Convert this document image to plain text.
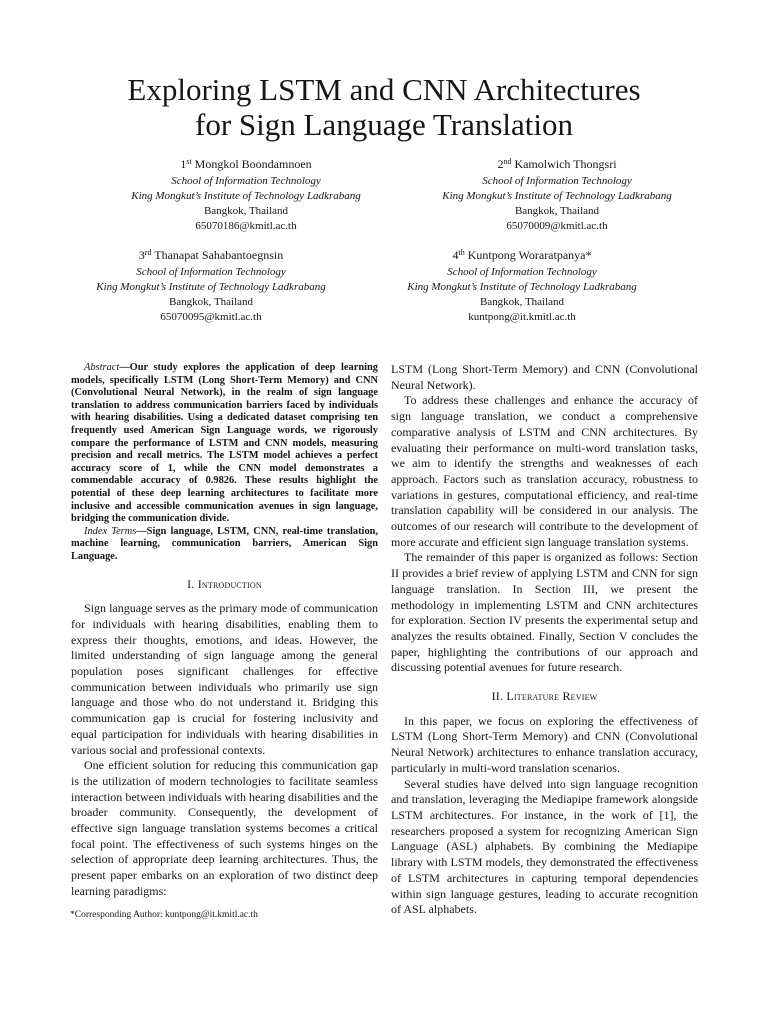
Exploring LSTM and CNN Architectures
for Sign Language Translation
1st Mongkol Boondamnoen
School of Information Technology
King Mongkut’s Institute of Technology Ladkrabang
Bangkok, Thailand
65070186@kmitl.ac.th
2nd Kamolwich Thongsri
School of Information Technology
King Mongkut’s Institute of Technology Ladkrabang
Bangkok, Thailand
65070009@kmitl.ac.th
3rd Thanapat Sahabantoegnsin
School of Information Technology
King Mongkut’s Institute of Technology Ladkrabang
Bangkok, Thailand
65070095@kmitl.ac.th
4th Kuntpong Woraratpanya*
School of Information Technology
King Mongkut’s Institute of Technology Ladkrabang
Bangkok, Thailand
kuntpong@it.kmitl.ac.th

Abstract—Our study explores the application of deep learning models, specifically LSTM (Long Short-Term Memory) and CNN (Convolutional Neural Network), in the realm of sign language translation to address communication barriers faced by individuals with hearing disabilities. Using a dedicated dataset comprising ten frequently used American Sign Language words, we rigorously compare the performance of LSTM and CNN models, measuring precision and recall metrics. The LSTM model achieves a perfect accuracy score of 1, while the CNN model demonstrates a commendable accuracy of 0.9826. These results highlight the potential of these deep learning architectures to facilitate more inclusive and accessible communication avenues in sign language, bridging the communication divide.

Index Terms—Sign language, LSTM, CNN, real-time translation, machine learning, communication barriers, American Sign Language.

I. Introduction

Sign language serves as the primary mode of communication for individuals with hearing disabilities, enabling them to express their thoughts, emotions, and ideas. However, the limited understanding of sign language among the general population poses significant challenges for effective communication between individuals who primarily use sign language and those who do not understand it. Bridging this communication gap is crucial for fostering inclusivity and equal participation for individuals with hearing disabilities in various social and professional contexts.

One efficient solution for reducing this communication gap is the utilization of modern technologies to facilitate seamless interaction between individuals with hearing disabilities and the broader community. Consequently, the development of effective sign language translation systems becomes a critical focal point. The effectiveness of such systems hinges on the selection of appropriate deep learning architectures. Thus, the present paper embarks on an exploration of two distinct deep learning paradigms:

*Corresponding Author: kuntpong@it.kmitl.ac.th

LSTM (Long Short-Term Memory) and CNN (Convolutional Neural Network).

To address these challenges and enhance the accuracy of sign language translation, we conduct a comprehensive comparative analysis of LSTM and CNN architectures. By evaluating their performance on multi-word translation tasks, we aim to identify the strengths and weaknesses of each approach. Factors such as translation accuracy, robustness to variations in gestures, computational efficiency, and real-time translation capability will be considered in our analysis. The outcomes of our research will contribute to the development of more accurate and efficient sign language translation systems.

The remainder of this paper is organized as follows: Section II provides a brief review of applying LSTM and CNN for sign language translation. In Section III, we present the methodology in implementing LSTM and CNN architectures for exploration. Section IV presents the experimental setup and analyzes the results obtained. Finally, Section V concludes the paper, highlighting the contributions of our approach and discussing potential avenues for future research.

II. Literature Review

In this paper, we focus on exploring the effectiveness of LSTM (Long Short-Term Memory) and CNN (Convolutional Neural Network) architectures to enhance translation accuracy, particularly in multi-word translation scenarios.

Several studies have delved into sign language recognition and translation, leveraging the Mediapipe framework alongside LSTM architectures. For instance, in the work of [1], the researchers proposed a system for recognizing American Sign Language (ASL) alphabets. By combining the Mediapipe library with LSTM models, they demonstrated the effectiveness of LSTM architectures in capturing temporal dependencies within sign language gestures, leading to accurate recognition of ASL alphabets.
